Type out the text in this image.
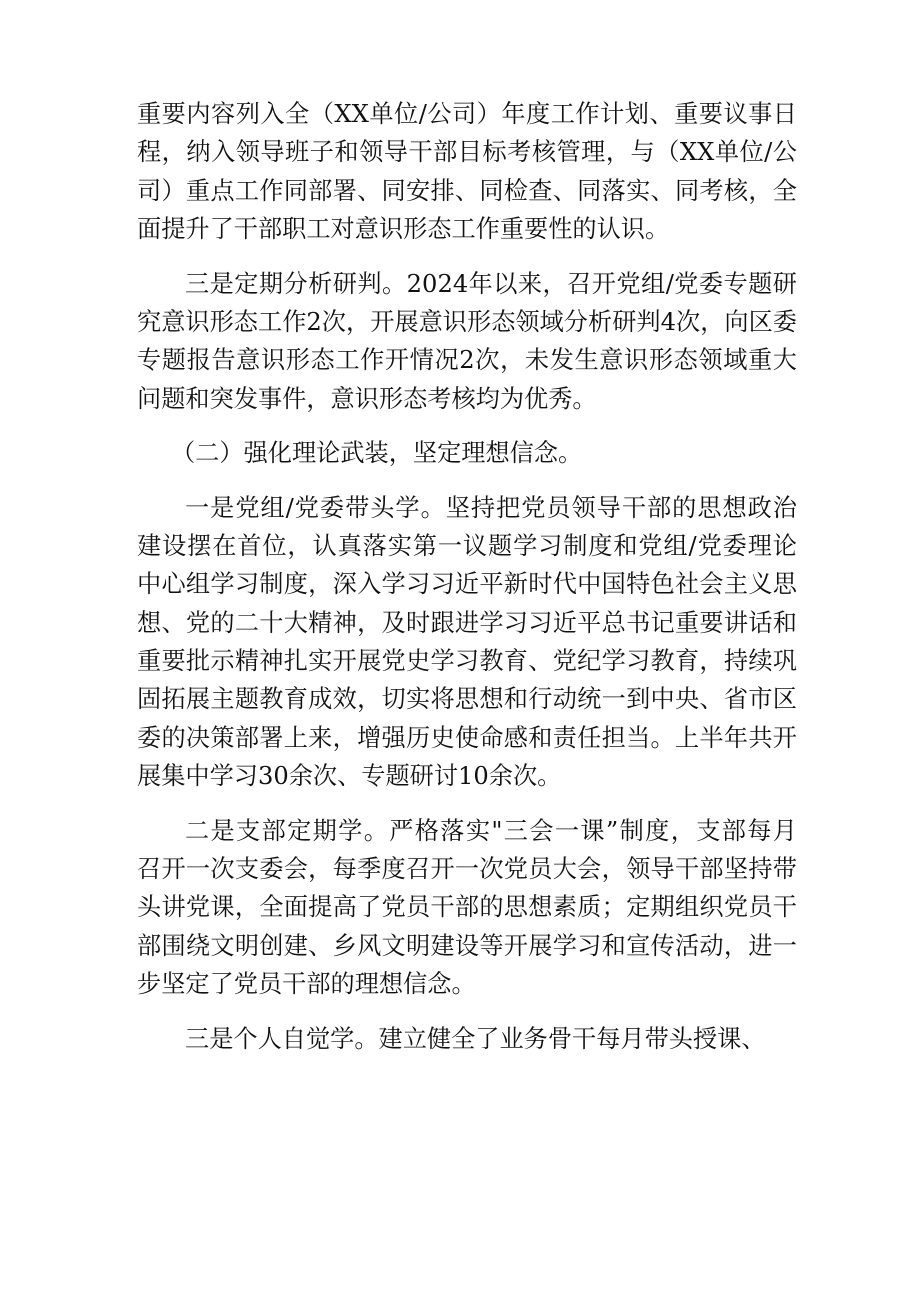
重要内容列入全（XX单位/公司）年度工作计划、重要议事日
程，纳入领导班子和领导干部目标考核管理，与（XX单位/公
司）重点工作同部署、同安排、同检查、同落实、同考核，全
面提升了干部职工对意识形态工作重要性的认识。
三是定期分析研判。2024年以来，召开党组/党委专题研
究意识形态工作2次，开展意识形态领域分析研判4次，向区委
专题报告意识形态工作开情况2次，未发生意识形态领域重大
问题和突发事件，意识形态考核均为优秀。
（二）强化理论武装，坚定理想信念。
一是党组/党委带头学。坚持把党员领导干部的思想政治
建设摆在首位，认真落实第一议题学习制度和党组/党委理论
中心组学习制度，深入学习习近平新时代中国特色社会主义思
想、党的二十大精神，及时跟进学习习近平总书记重要讲话和
重要批示精神扎实开展党史学习教育、党纪学习教育，持续巩
固拓展主题教育成效，切实将思想和行动统一到中央、省市区
委的决策部署上来，增强历史使命感和责任担当。上半年共开
展集中学习30余次、专题研讨10余次。
二是支部定期学。严格落实"三会一课”制度，支部每月
召开一次支委会，每季度召开一次党员大会，领导干部坚持带
头讲党课，全面提高了党员干部的思想素质；定期组织党员干
部围绕文明创建、乡风文明建设等开展学习和宣传活动，进一
步坚定了党员干部的理想信念。
三是个人自觉学。建立健全了业务骨干每月带头授课、
